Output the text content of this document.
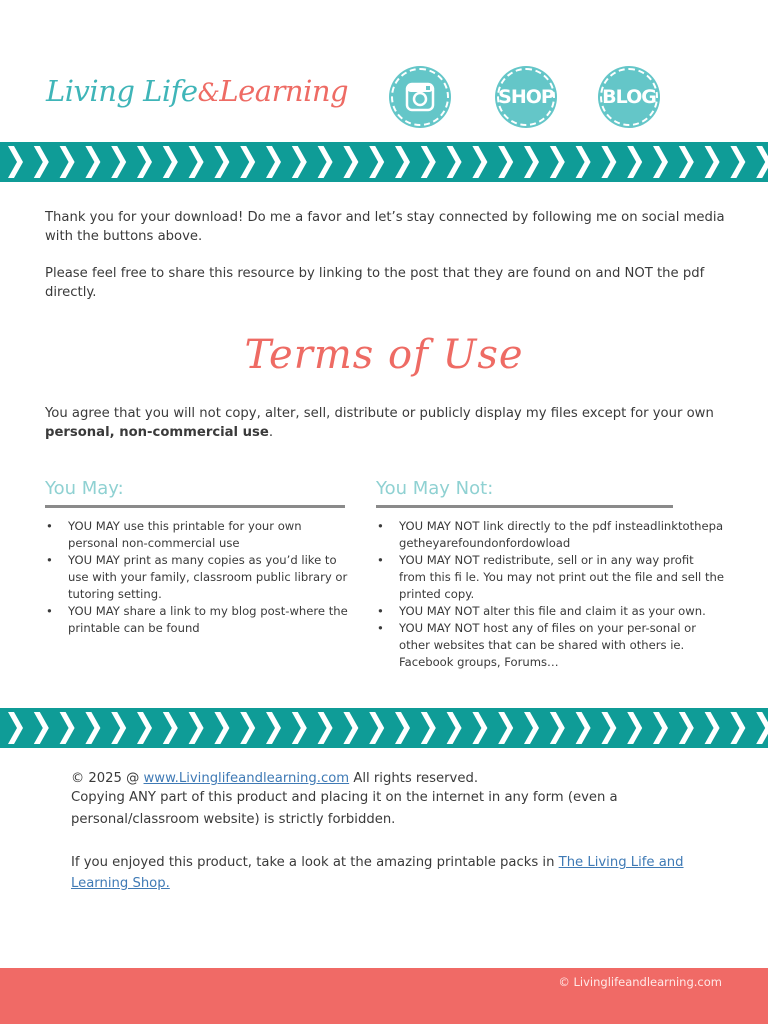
Living Life&Learning	SHOP	BLOG
Thank you for your download! Do me a favor and let’s stay connected by following me on social media with the buttons above.
Please feel free to share this resource by linking to the post that they are found on and NOT the pdf directly.
Terms of Use
You agree that you will not copy, alter, sell, distribute or publicly display my files except for your own personal, non-commercial use.
You May:
• YOU MAY use this printable for your own personal non-commercial use
• YOU MAY print as many copies as you’d like to use with your family, classroom public library or tutoring setting.
• YOU MAY share a link to my blog post-where the printable can be found
You May Not:
• YOU MAY NOT link directly to the pdf insteadlinktothepagetheyarefoundonfordowload
• YOU MAY NOT redistribute, sell or in any way profit from this fi le. You may not print out the file and sell the printed copy.
• YOU MAY NOT alter this file and claim it as your own.
• YOU MAY NOT host any of files on your per-sonal or other websites that can be shared with others ie. Facebook groups, Forums…
© 2025 @ www.Livinglifeandlearning.com All rights reserved.
Copying ANY part of this product and placing it on the internet in any form (even a personal/classroom website) is strictly forbidden.
If you enjoyed this product, take a look at the amazing printable packs in The Living Life and Learning Shop.
© Livinglifeandlearning.com
